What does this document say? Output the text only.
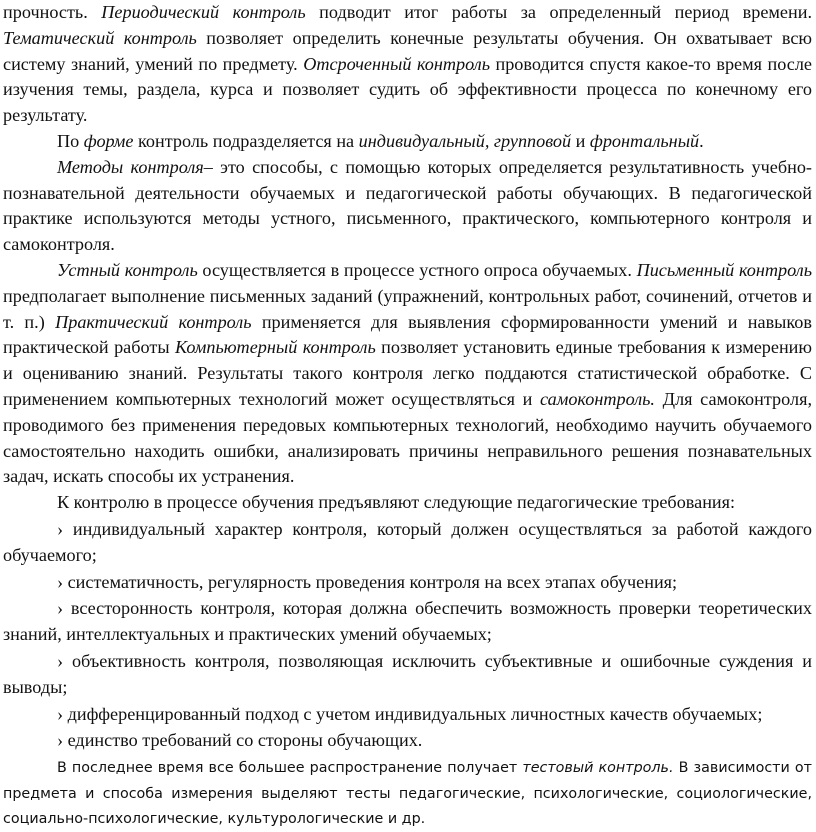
прочность. Периодический контроль подводит итог работы за определенный период времени. Тематический контроль позволяет определить конечные результаты обучения. Он охватывает всю систему знаний, умений по предмету. Отсроченный контроль проводится спустя какое-то время после изучения темы, раздела, курса и позволяет судить об эффективности процесса по конечному его результату.

По форме контроль подразделяется на индивидуальный, групповой и фронтальный.

Методы контроля– это способы, с помощью которых определяется результативность учебно-познавательной деятельности обучаемых и педагогической работы обучающих. В педагогической практике используются методы устного, письменного, практического, компьютерного контроля и самоконтроля.

Устный контроль осуществляется в процессе устного опроса обучаемых. Письменный контроль предполагает выполнение письменных заданий (упражнений, контрольных работ, сочинений, отчетов и т. п.) Практический контроль применяется для выявления сформированности умений и навыков практической работы Компьютерный контроль позволяет установить единые требования к измерению и оцениванию знаний. Результаты такого контроля легко поддаются статистической обработке. С применением компьютерных технологий может осуществляться и самоконтроль. Для самоконтроля, проводимого без применения передовых компьютерных технологий, необходимо научить обучаемого самостоятельно находить ошибки, анализировать причины неправильного решения познавательных задач, искать способы их устранения.

К контролю в процессе обучения предъявляют следующие педагогические требования:

› индивидуальный характер контроля, который должен осуществляться за работой каждого обучаемого;

› систематичность, регулярность проведения контроля на всех этапах обучения;

› всесторонность контроля, которая должна обеспечить возможность проверки теоретических знаний, интеллектуальных и практических умений обучаемых;

› объективность контроля, позволяющая исключить субъективные и ошибочные суждения и выводы;

› дифференцированный подход с учетом индивидуальных личностных качеств обучаемых;

› единство требований со стороны обучающих.

В последнее время все большее распространение получает тестовый контроль. В зависимости от предмета и способа измерения выделяют тесты педагогические, психологические, социологические, социально-психологические, культурологические и др.
